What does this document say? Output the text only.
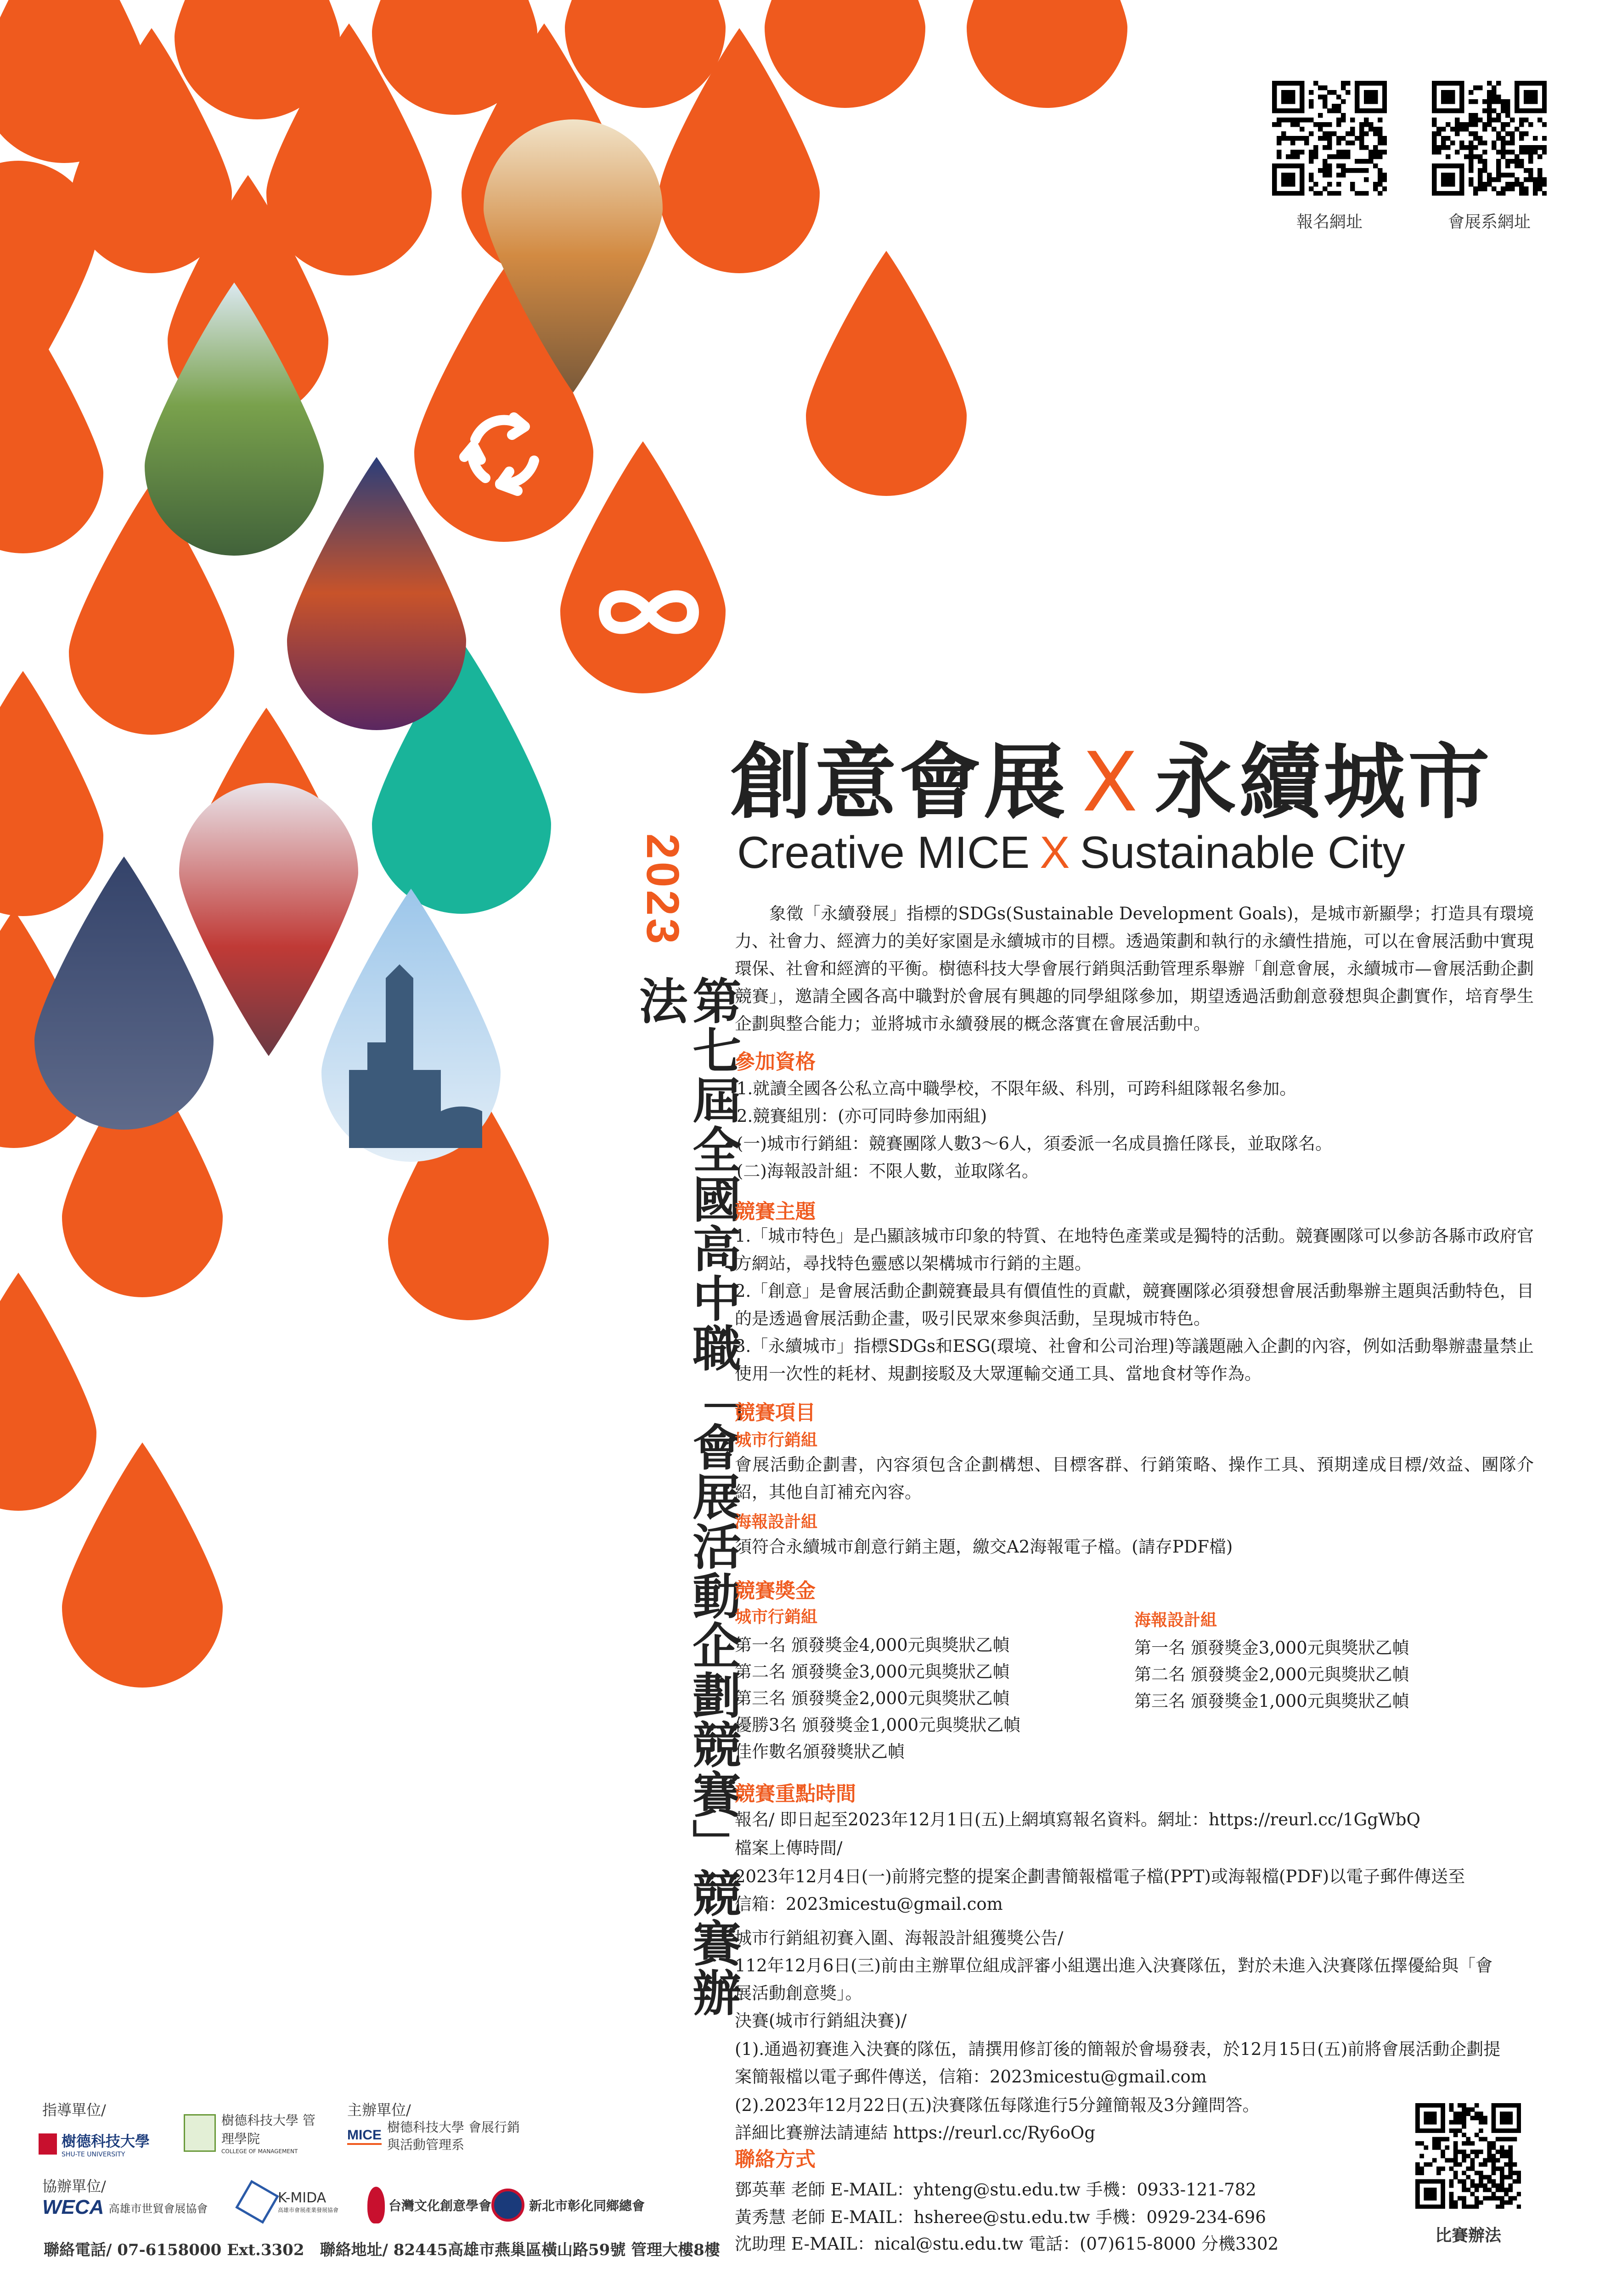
報名網址	會展系網址
創意會展 X 永續城市
Creative MICE X Sustainable City
2023
第七屆全國高中職「會展活動企劃競賽」競賽辦法

　　象徵「永續發展」指標的SDGs(Sustainable Development Goals)，是城市新顯學；打造具有環境力、社會力、經濟力的美好家園是永續城市的目標。透過策劃和執行的永續性措施，可以在會展活動中實現環保、社會和經濟的平衡。樹德科技大學會展行銷與活動管理系舉辦「創意會展，永續城市—會展活動企劃競賽」，邀請全國各高中職對於會展有興趣的同學組隊參加，期望透過活動創意發想與企劃實作，培育學生企劃與整合能力；並將城市永續發展的概念落實在會展活動中。

參加資格
1.就讀全國各公私立高中職學校，不限年級、科別，可跨科組隊報名參加。
2.競賽組別：(亦可同時參加兩組)
(一)城市行銷組：競賽團隊人數3～6人，須委派一名成員擔任隊長，並取隊名。
(二)海報設計組：不限人數，並取隊名。
競賽主題

1.「城市特色」是凸顯該城市印象的特質、在地特色產業或是獨特的活動。競賽團隊可以參訪各縣市政府官方網站，尋找特色靈感以架構城市行銷的主題。

2.「創意」是會展活動企劃競賽最具有價值性的貢獻，競賽團隊必須發想會展活動舉辦主題與活動特色，目的是透過會展活動企畫，吸引民眾來參與活動，呈現城市特色。

3.「永續城市」指標SDGs和ESG(環境、社會和公司治理)等議題融入企劃的內容，例如活動舉辦盡量禁止使用一次性的耗材、規劃接駁及大眾運輸交通工具、當地食材等作為。

競賽項目
城市行銷組

會展活動企劃書，內容須包含企劃構想、目標客群、行銷策略、操作工具、預期達成目標/效益、團隊介紹，其他自訂補充內容。

海報設計組
須符合永續城市創意行銷主題，繳交A2海報電子檔。(請存PDF檔)
競賽獎金
城市行銷組
第一名 頒發獎金4,000元與獎狀乙幀
第二名 頒發獎金3,000元與獎狀乙幀
第三名 頒發獎金2,000元與獎狀乙幀
優勝3名 頒發獎金1,000元與獎狀乙幀
佳作數名頒發獎狀乙幀
海報設計組
第一名 頒發獎金3,000元與獎狀乙幀
第二名 頒發獎金2,000元與獎狀乙幀
第三名 頒發獎金1,000元與獎狀乙幀
競賽重點時間
報名/ 即日起至2023年12月1日(五)上網填寫報名資料。網址：https://reurl.cc/1GgWbQ
檔案上傳時間/
2023年12月4日(一)前將完整的提案企劃書簡報檔電子檔(PPT)或海報檔(PDF)以電子郵件傳送至
信箱：2023micestu@gmail.com
城市行銷組初賽入圍、海報設計組獲獎公告/
112年12月6日(三)前由主辦單位組成評審小組選出進入決賽隊伍，對於未進入決賽隊伍擇優給與「會
展活動創意獎」。
決賽(城市行銷組決賽)/
(1).通過初賽進入決賽的隊伍，請撰用修訂後的簡報於會場發表，於12月15日(五)前將會展活動企劃提
案簡報檔以電子郵件傳送，信箱：2023micestu@gmail.com
(2).2023年12月22日(五)決賽隊伍每隊進行5分鐘簡報及3分鐘問答。
詳細比賽辦法請連結 https://reurl.cc/Ry6oOg
聯絡方式
鄧英華 老師 E-MAIL：yhteng@stu.edu.tw 手機：0933-121-782
黃秀慧 老師 E-MAIL：hsheree@stu.edu.tw 手機：0929-234-696
沈助理 E-MAIL：nical@stu.edu.tw 電話：(07)615-8000 分機3302	比賽辦法
指導單位/
樹德科技大學
SHU-TE UNIVERSITY
樹德科技大學 管理學院
COLLEGE OF MANAGEMENT
主辦單位/
MICE
樹德科技大學 會展行銷與活動管理系
協辦單位/
WECA 高雄市世貿會展協會
K-MIDA
高雄市會展產業發展協會	台灣文化創意學會	新北市彰化同鄉總會
聯絡電話/ 07-6158000 Ext.3302　聯絡地址/ 82445高雄市燕巢區橫山路59號 管理大樓8樓
